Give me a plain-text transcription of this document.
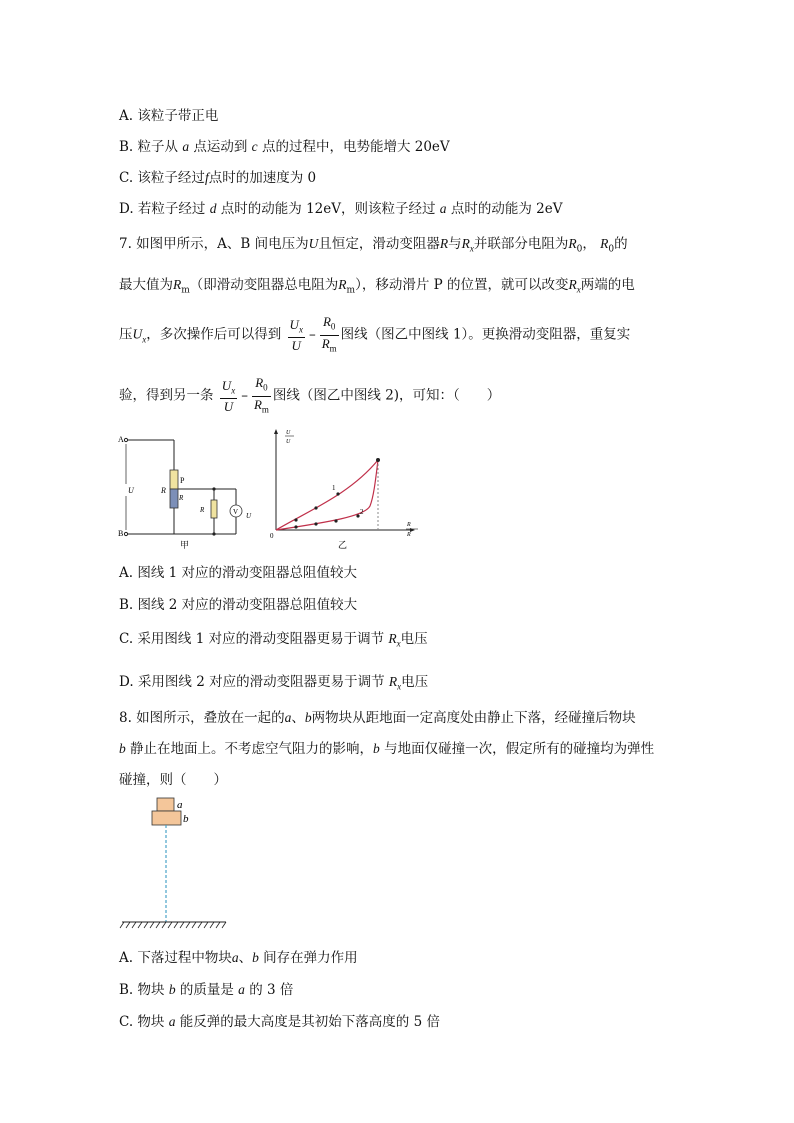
A. 该粒子带正电
B. 粒子从 a 点运动到 c 点的过程中，电势能增大 20eV
C. 该粒子经过f点时的加速度为 0
D. 若粒子经过 d 点时的动能为 12eV，则该粒子经过 a 点时的动能为 2eV
7. 如图甲所示，A、B 间电压为U且恒定，滑动变阻器R与$R_x$并联部分电阻为$R_0$， $R_0$的
最大值为$R_m$（即滑动变阻器总电阻为$R_m$），移动滑片 P 的位置，就可以改变$R_x$两端的电
压$U_x$，多次操作后可以得到 $\frac{U_x}{U} - \frac{R_0}{R_m}$ 图线（图乙中图线 1）。更换滑动变阻器，重复实
验，得到另一条 $\frac{U_x}{U} - \frac{R_0}{R_m}$ 图线（图乙中图线 2)，可知：（　　）
A
B
U	R
P
R
R	V U
甲
0
U
U
R
R
1
2
乙
A. 图线 1 对应的滑动变阻器总阻值较大
B. 图线 2 对应的滑动变阻器总阻值较大
C. 采用图线 1 对应的滑动变阻器更易于调节 $R_x$电压
D. 采用图线 2 对应的滑动变阻器更易于调节 $R_x$电压
8. 如图所示，叠放在一起的a、b两物块从距地面一定高度处由静止下落，经碰撞后物块
b 静止在地面上。不考虑空气阻力的影响，b 与地面仅碰撞一次，假定所有的碰撞均为弹性
碰撞，则（　　）
a
b
A. 下落过程中物块a、b 间存在弹力作用
B. 物块 b 的质量是 a 的 3 倍
C. 物块 a 能反弹的最大高度是其初始下落高度的 5 倍
